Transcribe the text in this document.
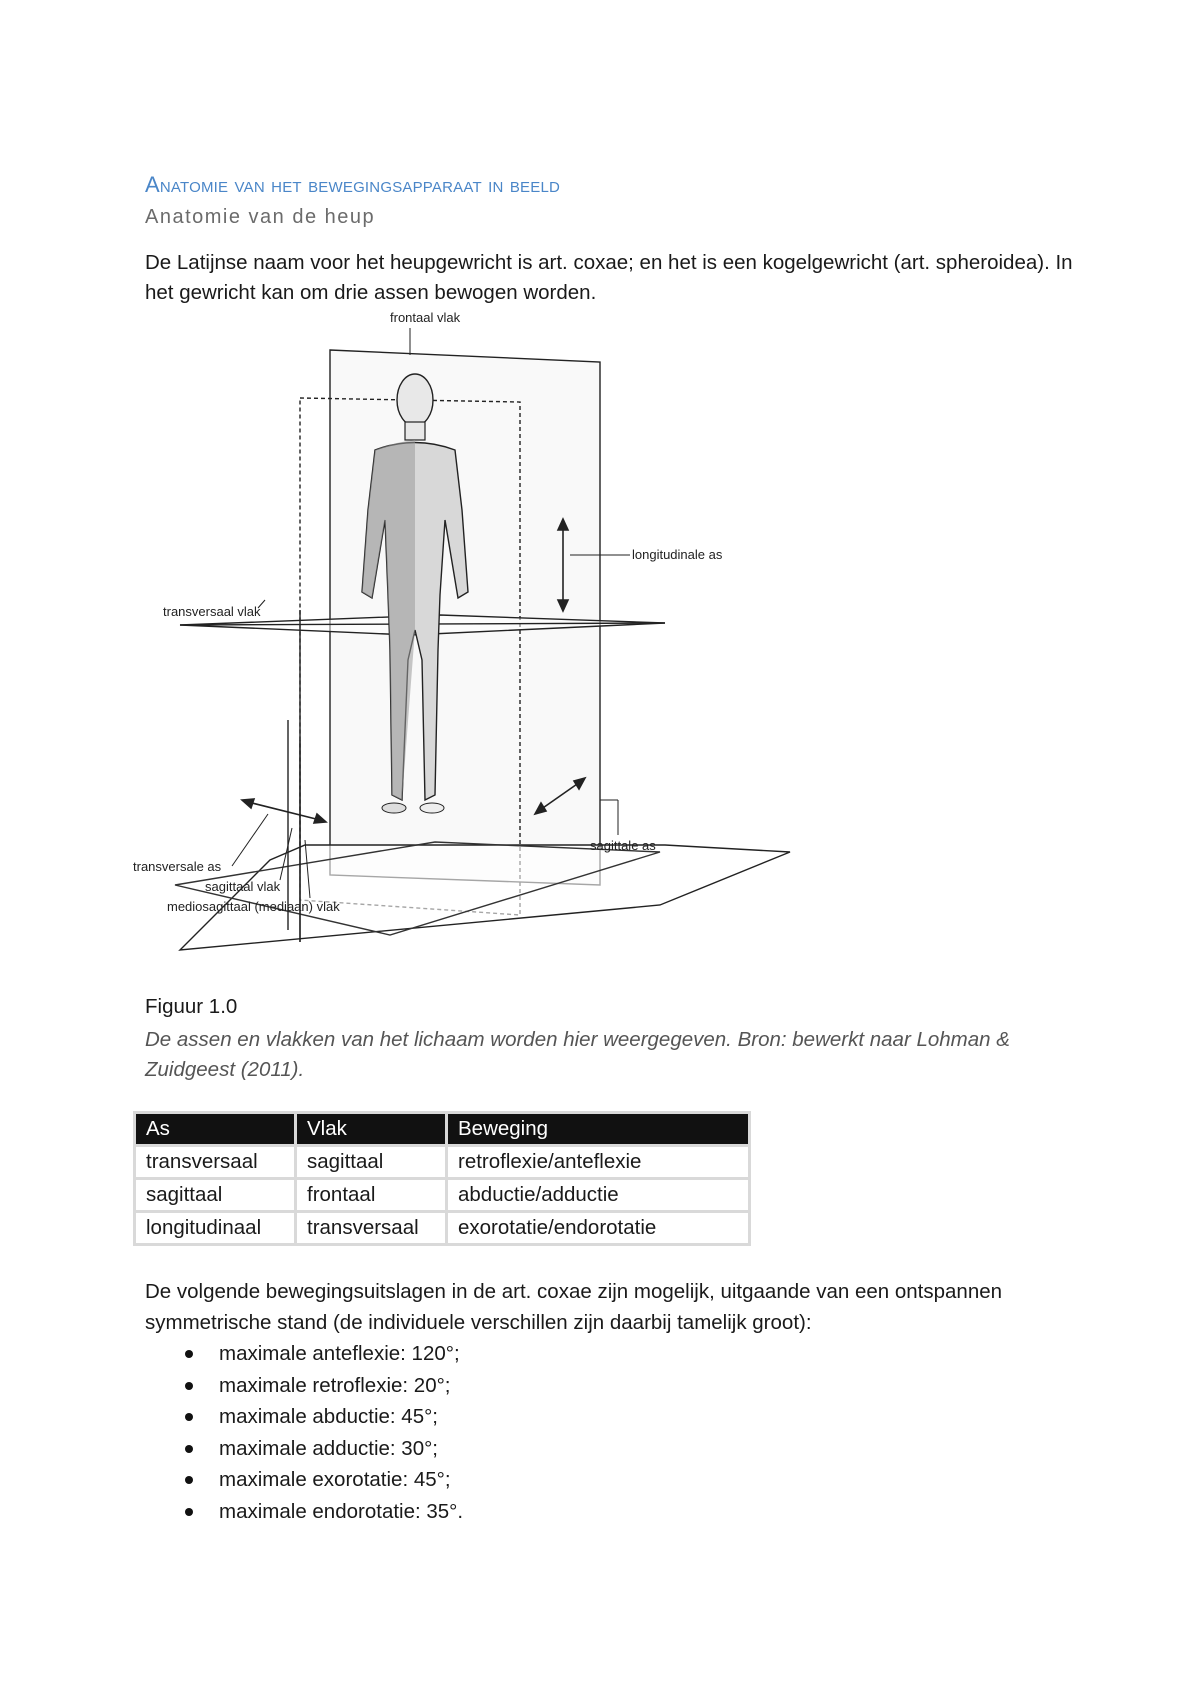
Anatomie van het bewegingsapparaat in beeld

Anatomie van de heup

De Latijnse naam voor het heupgewricht is art. coxae; en het is een kogelgewricht (art. spheroidea). In het gewricht kan om drie assen bewogen worden.

frontaal vlak
longitudinale as
transversaal vlak
sagittale as
transversale as
sagittaal vlak
mediosagittaal (mediaan) vlak

Figuur 1.0

De assen en vlakken van het lichaam worden hier weergegeven. Bron: bewerkt naar Lohman & Zuidgeest (2011).

As	Vlak	Beweging
transversaal	sagittaal	retroflexie/anteflexie
sagittaal	frontaal	abductie/adductie
longitudinaal	transversaal	exorotatie/endorotatie

De volgende bewegingsuitslagen in de art. coxae zijn mogelijk, uitgaande van een ontspannen symmetrische stand (de individuele verschillen zijn daarbij tamelijk groot):

maximale anteflexie: 120°;
maximale retroflexie: 20°;
maximale abductie: 45°;
maximale adductie: 30°;
maximale exorotatie: 45°;
maximale endorotatie: 35°.
